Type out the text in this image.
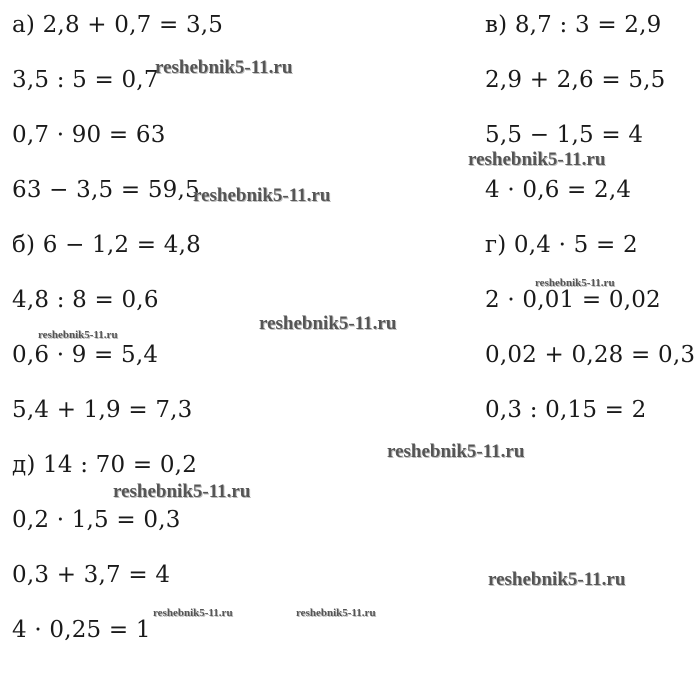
а) 2,8 + 0,7 = 3,5
3,5 : 5 = 0,7
0,7 · 90 = 63
63 − 3,5 = 59,5
б) 6 − 1,2 = 4,8
4,8 : 8 = 0,6
0,6 · 9 = 5,4
5,4 + 1,9 = 7,3
д) 14 : 70 = 0,2
0,2 · 1,5 = 0,3
0,3 + 3,7 = 4
4 · 0,25 = 1
в) 8,7 : 3 = 2,9
2,9 + 2,6 = 5,5
5,5 − 1,5 = 4
4 · 0,6 = 2,4
г) 0,4 · 5 = 2
2 · 0,01 = 0,02
0,02 + 0,28 = 0,3
0,3 : 0,15 = 2
reshebnik5-11.ru
reshebnik5-11.ru
reshebnik5-11.ru
reshebnik5-11.ru
reshebnik5-11.ru
reshebnik5-11.ru
reshebnik5-11.ru
reshebnik5-11.ru
reshebnik5-11.ru
reshebnik5-11.ru	reshebnik5-11.ru
